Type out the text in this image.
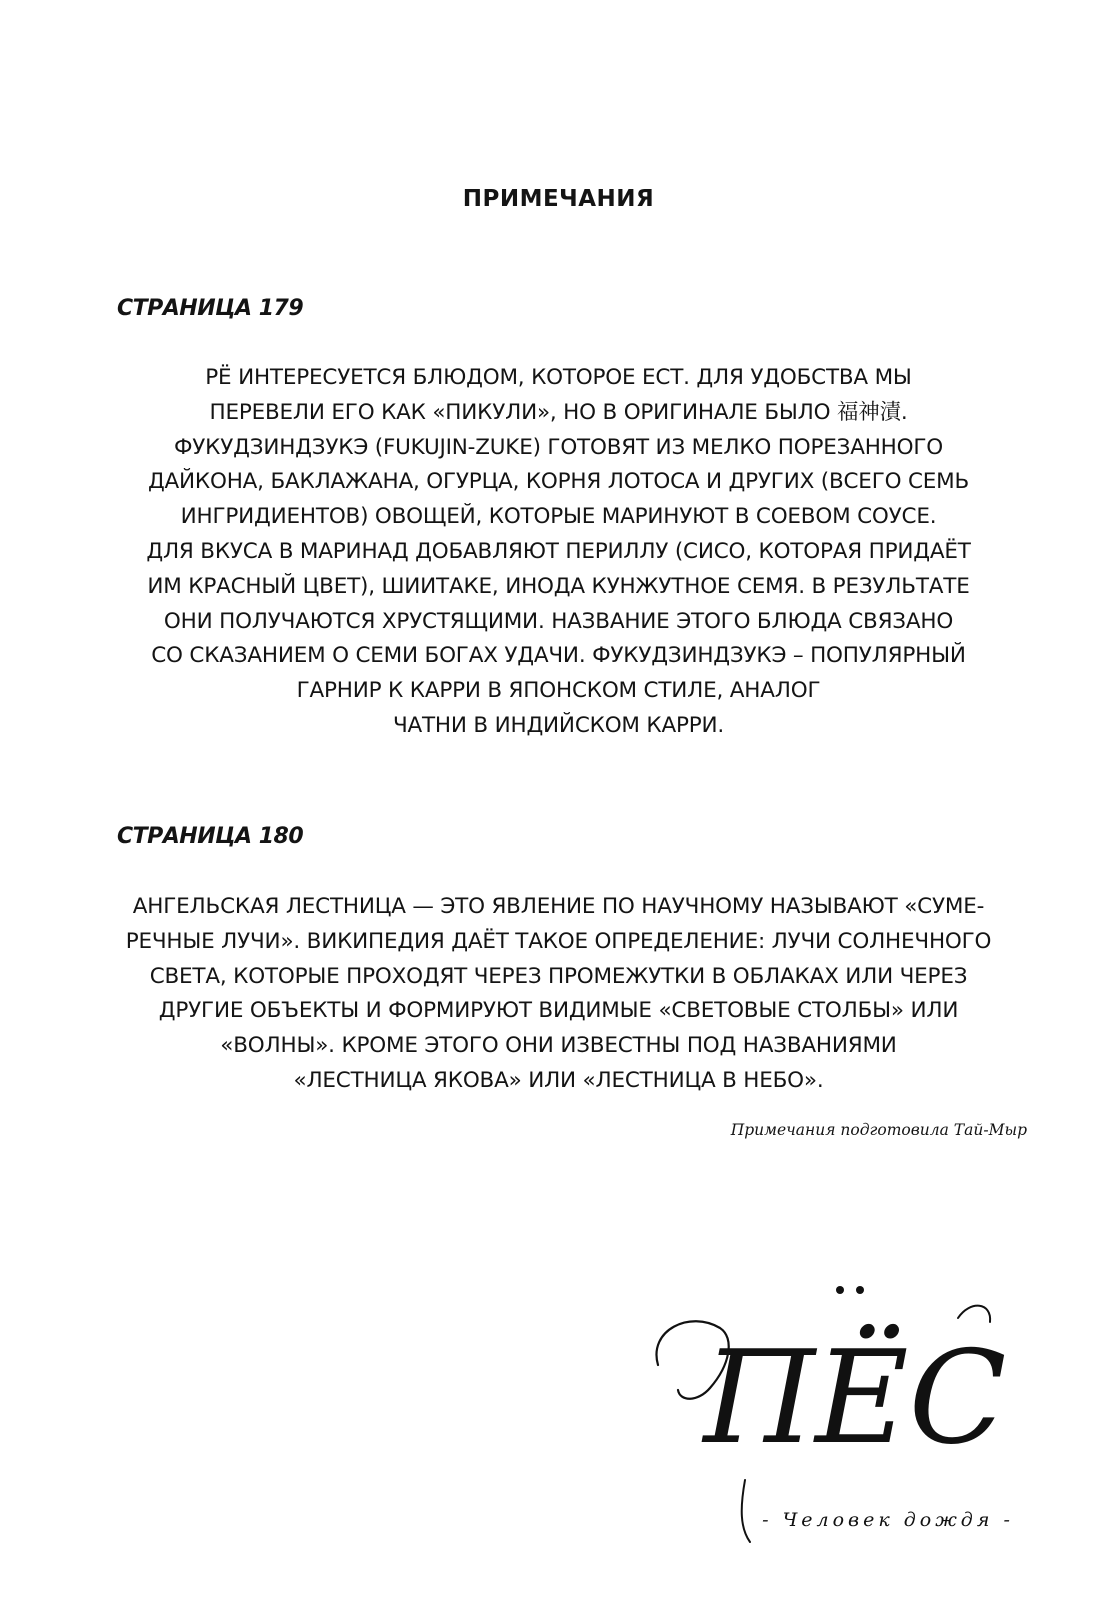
ПРИМЕЧАНИЯ
СТРАНИЦА 179
РЁ ИНТЕРЕСУЕТСЯ БЛЮДОМ, КОТОРОЕ ЕСТ. ДЛЯ УДОБСТВА МЫ
ПЕРЕВЕЛИ ЕГО КАК «ПИКУЛИ», НО В ОРИГИНАЛЕ БЫЛО 福神漬.
ФУКУДЗИНДЗУКЭ (FUKUJIN-ZUKE) ГОТОВЯТ ИЗ МЕЛКО ПОРЕЗАННОГО
ДАЙКОНА, БАКЛАЖАНА, ОГУРЦА, КОРНЯ ЛОТОСА И ДРУГИХ (ВСЕГО СЕМЬ
ИНГРИДИЕНТОВ) ОВОЩЕЙ, КОТОРЫЕ МАРИНУЮТ В СОЕВОМ СОУСЕ.
ДЛЯ ВКУСА В МАРИНАД ДОБАВЛЯЮТ ПЕРИЛЛУ (СИСО, КОТОРАЯ ПРИДАЁТ
ИМ КРАСНЫЙ ЦВЕТ), ШИИТАКЕ, ИНОДА КУНЖУТНОЕ СЕМЯ. В РЕЗУЛЬТАТЕ
ОНИ ПОЛУЧАЮТСЯ ХРУСТЯЩИМИ. НАЗВАНИЕ ЭТОГО БЛЮДА СВЯЗАНО
СО СКАЗАНИЕМ О СЕМИ БОГАХ УДАЧИ. ФУКУДЗИНДЗУКЭ – ПОПУЛЯРНЫЙ
ГАРНИР К КАРРИ В ЯПОНСКОМ СТИЛЕ, АНАЛОГ
ЧАТНИ В ИНДИЙСКОМ КАРРИ.
СТРАНИЦА 180
АНГЕЛЬСКАЯ ЛЕСТНИЦА — ЭТО ЯВЛЕНИЕ ПО НАУЧНОМУ НАЗЫВАЮТ «СУМЕ-
РЕЧНЫЕ ЛУЧИ». ВИКИПЕДИЯ ДАЁТ ТАКОЕ ОПРЕДЕЛЕНИЕ: ЛУЧИ СОЛНЕЧНОГО
СВЕТА, КОТОРЫЕ ПРОХОДЯТ ЧЕРЕЗ ПРОМЕЖУТКИ В ОБЛАКАХ ИЛИ ЧЕРЕЗ
ДРУГИЕ ОБЪЕКТЫ И ФОРМИРУЮТ ВИДИМЫЕ «СВЕТОВЫЕ СТОЛБЫ» ИЛИ
«ВОЛНЫ». КРОМЕ ЭТОГО ОНИ ИЗВЕСТНЫ ПОД НАЗВАНИЯМИ
«ЛЕСТНИЦА ЯКОВА» ИЛИ «ЛЕСТНИЦА В НЕБО».
Примечания подготовила Тай-Мыр
ПЁС
- Человек дождя -
